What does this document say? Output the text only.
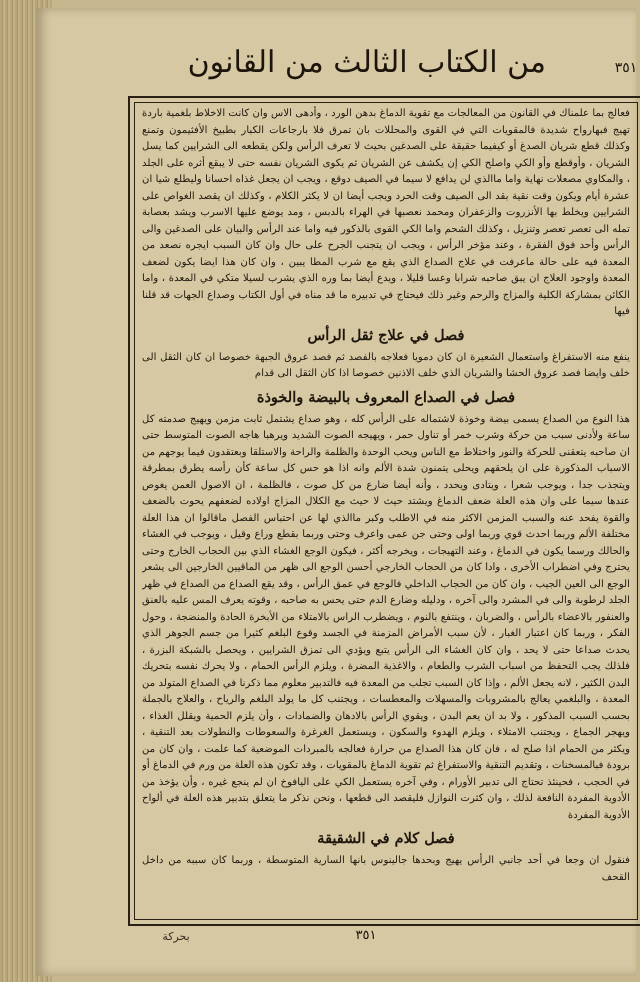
من الكتاب الثالث من القانون	٣٥١

فعالج بما علمناك في القانون من المعالجات مع تقوية الدماغ بدهن الورد ، وأدهى الاس وان كانت الاخلاط بلغمية باردة تهيج فبهارواح شديدة فالمقويات التي في القوى والمحللات بان تمرق فلا بارجاعات الكبار بطبيخ الأفثيمون وتمنع وكذلك قطع شريان الصدغ أو كيفيما حقيقة على الصدغين بحيث لا تعرف الرأس ولكن يقطعه الى الشرايين كما يسل الشريان ، وأوقطع وأو الكي واصلح الكي إن يكشف عن الشريان ثم يكوى الشريان نفسه حتى لا يبقع أثره على الجلد ، والمكاوي مصعلات نهاية واما ماالذي لن يدافع لا سيما في الصيف دوقع ، ويجب ان يجعل غذاه احسانا وليطلع شيا ان عشرة أيام ويكون وقت نقية بقد الى الصيف وقت الحرد ويجب أيضا ان لا يكثر الكلام ، وكذلك ان يقصد الغواص على الشرايين ويخلط بها الأنزروت والزعفران ومحمد نعصبها في الهراء بالدبس ، ومد يوضع عليها الاسرب ويشد بعصابة تمله الى تعصر تعصر وتنزيل ، وكذلك الشحم واما الكي القوى بالذكور فيه واما عند الرأس والبيان على الصدغين والى الرأس وأحد فوق الفقرة ، وعند مؤخر الرأس ، ويجب ان يتجنب الجرح على حال وان كان السبب ايجره نصعد من المعدة فيه على حالة ماعرفت في علاج الصداع الذي يقع مع شرب المطا يبين ، وان كان هذا ايضا يكون لضعف المعدة واوجود العلاج ان يبق صاحبه شرابا وعسا قليلا ، ويدع أيضا بما وره الذي يشرب لسيلا متكي في المعدة ، واما الكائن بمشاركة الكلية والمزاج والرحم وغير ذلك فيحتاج في تدبيره ما قد مناه في أول الكتاب وصداع الجهات قد قلنا فيها

فصل في علاج ثقل الرأس

ينفع منه الاستفراغ واستعمال الشعيرة ان كان دمويا فعلاجه بالفصد ثم فصد عروق الجبهة خصوصا ان كان الثقل الى خلف وايضا فصد عروق الحشا والشريان الذي خلف الاذنين خصوصا اذا كان الثقل الى قدام

فصل في الصداع المعروف بالبيضة والخوذة

هذا النوع من الصداع يسمى بيضة وخوذة لاشتماله على الرأس كله ، وهو صداع يشتمل ثابت مزمن ويهيج صدمته كل ساعة ولأدنى سبب من حركة وشرب خمر أو تناول حمر ، ويهيجه الصوت الشديد ويرهبا هاجه الصوت المتوسط حتى ان صاحبه يتعقنى للحركة والنور واختلاط مع الناس ويحب الوحدة والظلمة والراحة والاستلقا وبعتقدون فيما يوجهم من الاسباب المذكورة على ان يلحقهم ويحلى يتمنون شدة الألم وانه اذا هو حس كل ساعة كأن رأسه يطرق بمطرقة ويتجذب جدا ، ويوجب شعرا ، ويتادى ويحدد ، وأنه أيضا ضارع من كل صوت ، فالظلمة ، ان الاصول العمن يغوص عندها سيما على وان هذه العلة ضعف الدماغ ويشتد حيث لا حيث مع الكلال المزاج اولاده لضعفهم يحوت بالضعف والقوة يفحد عنه والسبب المزمن الاكثر منه في الاطلب وكبر ماالذي لها عن احتباس الفصل ماقالوا ان هذا العلة مختلفة الألم وربما احدث قوي وربما اولى وحتى جن عمى واعرف وحتى وربما بقطع وراع وقيل ، ويوجب في الغشاء والحالك ورسما يكون في الدماغ ، وعند التهيجات ، ويخرجه أكثر ، فيكون الوجع الغشاء الذي بين الحجاب الخارج وحتى يحترج وفي اضطراب الأخرى ، وادا كان من الحجاب الخارجي أحسن الوجع الى ظهر من الماقيين الخارجين الى يشعر الوجع الى العين الجيب ، وان كان من الحجاب الداخلي فالوجع في عمق الرأس ، وقد يقع الصداع من الصداع في ظهر الجلد لرطوبة والى في المشرد والى آخره ، ودليله وضارع الدم حتى يحس به صاحبه ، وقوته يعرف المس عليه بالعنق والعنفور بالاعضاء بالرأس ، والضربان ، وينتفع بالنوم ، ويضطرب الراس بالامتلاء من الأبخرة الحادة والمنضجة ، وحول الفكر ، وربما كان اعتبار الغبار ، لأن سبب الأمراض المزمنة في الجسد وقوع البلغم كثيرا من جسم الجوهر الذي يحدث صداعا حتى لا يحد ، وان كان الغشاء الى الرأس يتبع ويؤدي الى تمزق الشرايين ، ويحصل بالشبكة البزرة ، فلذلك يجب التحفظ من اسباب الشرب والطعام ، والاغذية المضرة ، ويلزم الرأس الحمام ، ولا يحرك نفسه بتحريك البدن الكثير ، لانه يجعل الألم ، وإذا كان السبب تجلب من المعدة فيه فالتدبير معلوم مما ذكرنا في الصداع المتولد من المعدة ، والبلغمي يعالج بالمشروبات والمسهلات والمعطسات ، ويجتنب كل ما يولد البلغم والرياح ، والعلاج بالجملة بحسب السبب المذكور ، ولا بد ان يعم البدن ، ويقوي الرأس بالادهان والضمادات ، وأن يلزم الحمية ويقلل الغذاء ، ويهجر الجماع ، ويجتنب الامتلاء ، ويلزم الهدوء والسكون ، ويستعمل الغرغرة والسعوطات والنطولات بعد التنقية ، ويكثر من الحمام اذا صلح له ، فان كان هذا الصداع من حرارة فعالجه بالمبردات الموضعية كما علمت ، وان كان من برودة فبالمسخنات ، وتقديم التنقية والاستفراغ ثم تقوية الدماغ بالمقويات ، وقد تكون هذه العلة من ورم في الدماغ أو في الحجب ، فحينئذ تحتاج الى تدبير الأورام ، وفي آخره يستعمل الكي على اليافوخ ان لم ينجع غيره ، وأن يؤخذ من الأدوية المفردة النافعة لذلك ، وان كثرت النوازل فليقصد الى قطعها ، ونحن نذكر ما يتعلق بتدبير هذه العلة في ألواح الأدوية المفردة

فصل كلام في الشقيقة

فنقول ان وجعا في أحد جانبي الرأس يهيج وبحدها جالينوس بانها السارية المتوسطة ، وربما كان سببه من داخل القحف

٣٥١
بحركة
